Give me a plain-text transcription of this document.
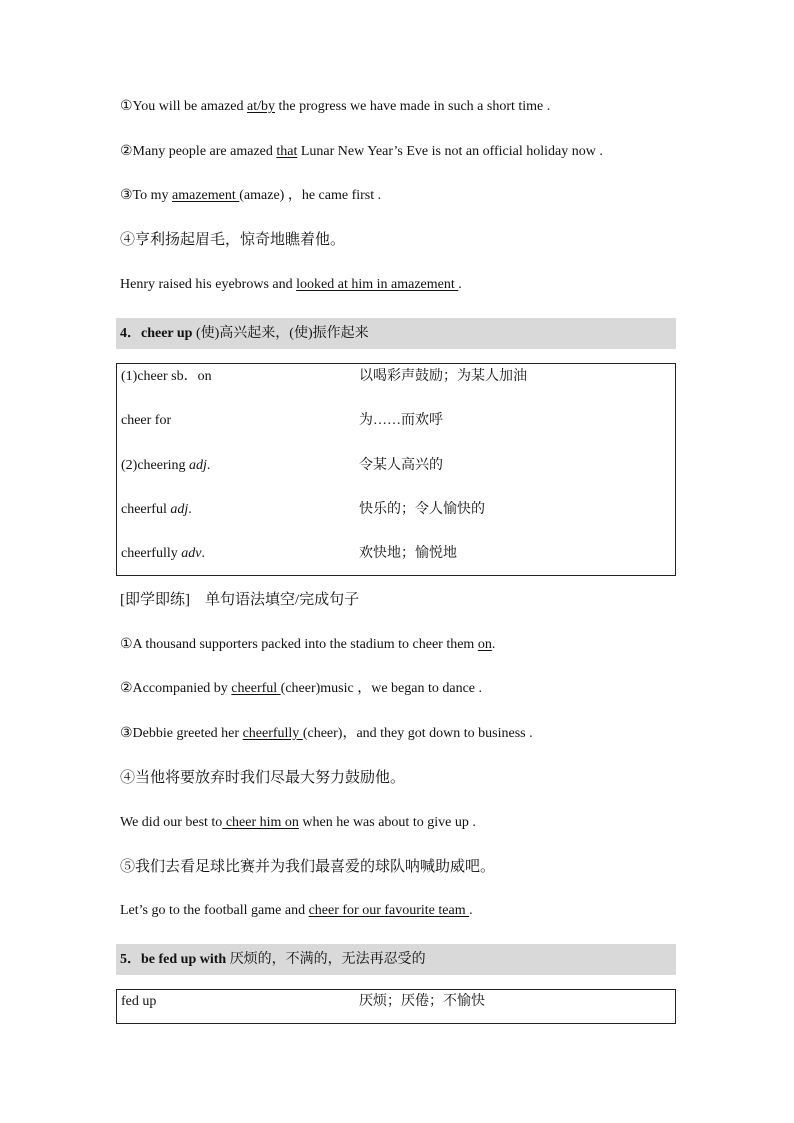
①You will be amazed at/by the progress we have made in such a short time .
②Many people are amazed that Lunar New Year’s Eve is not an official holiday now .
③To my amazement (amaze) ，he came first .
④亨利扬起眉毛，惊奇地瞧着他。
Henry raised his eyebrows and looked at him in amazement .
4．cheer up (使)高兴起来，(使)振作起来
(1)cheer sb．on	以喝彩声鼓励；为某人加油
cheer for	为……而欢呼
(2)cheering adj.	令某人高兴的
cheerful adj.	快乐的；令人愉快的
cheerfully adv.	欢快地；愉悦地
[即学即练]　单句语法填空/完成句子
①A thousand supporters packed into the stadium to cheer them on.
②Accompanied by cheerful (cheer)music ，we began to dance .
③Debbie greeted her cheerfully (cheer)，and they got down to business .
④当他将要放弃时我们尽最大努力鼓励他。
We did our best to cheer him on when he was about to give up .
⑤我们去看足球比赛并为我们最喜爱的球队呐喊助威吧。
Let’s go to the football game and cheer for our favourite team .
5．be fed up with 厌烦的，不满的，无法再忍受的
fed up	厌烦；厌倦；不愉快
